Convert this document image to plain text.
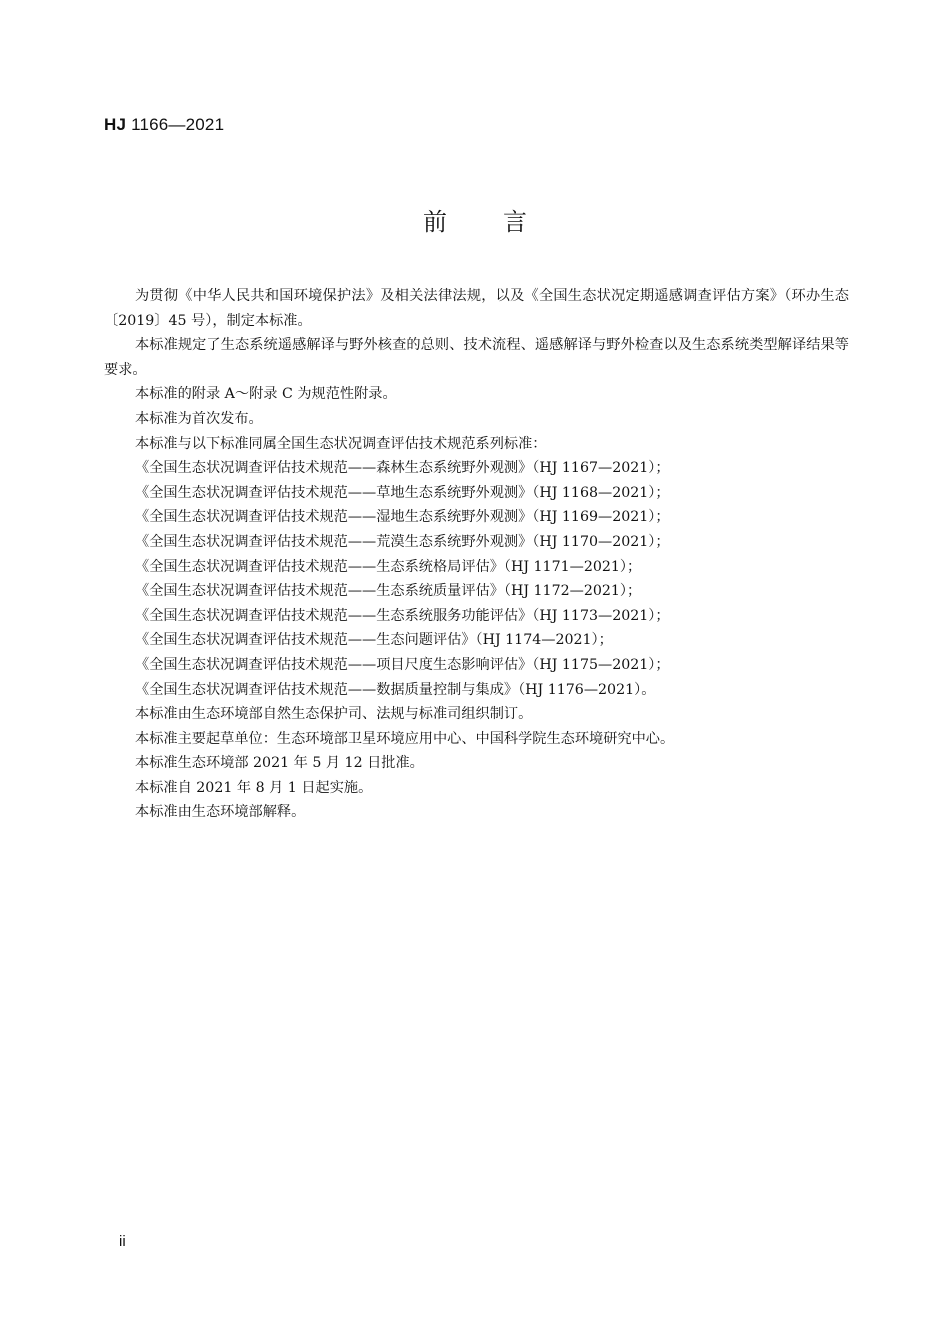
HJ 1166—2021
前言

为贯彻《中华人民共和国环境保护法》及相关法律法规，以及《全国生态状况定期遥感调查评估方案》（环办生态〔2019〕45 号），制定本标准。

本标准规定了生态系统遥感解译与野外核查的总则、技术流程、遥感解译与野外检查以及生态系统类型解译结果等要求。

本标准的附录 A～附录 C 为规范性附录。

本标准为首次发布。

本标准与以下标准同属全国生态状况调查评估技术规范系列标准：

《全国生态状况调查评估技术规范——森林生态系统野外观测》（HJ 1167—2021）；

《全国生态状况调查评估技术规范——草地生态系统野外观测》（HJ 1168—2021）；

《全国生态状况调查评估技术规范——湿地生态系统野外观测》（HJ 1169—2021）；

《全国生态状况调查评估技术规范——荒漠生态系统野外观测》（HJ 1170—2021）；

《全国生态状况调查评估技术规范——生态系统格局评估》（HJ 1171—2021）；

《全国生态状况调查评估技术规范——生态系统质量评估》（HJ 1172—2021）；

《全国生态状况调查评估技术规范——生态系统服务功能评估》（HJ 1173—2021）；

《全国生态状况调查评估技术规范——生态问题评估》（HJ 1174—2021）；

《全国生态状况调查评估技术规范——项目尺度生态影响评估》（HJ 1175—2021）；

《全国生态状况调查评估技术规范——数据质量控制与集成》（HJ 1176—2021）。

本标准由生态环境部自然生态保护司、法规与标准司组织制订。

本标准主要起草单位：生态环境部卫星环境应用中心、中国科学院生态环境研究中心。

本标准生态环境部 2021 年 5 月 12 日批准。

本标准自 2021 年 8 月 1 日起实施。

本标准由生态环境部解释。

ii
